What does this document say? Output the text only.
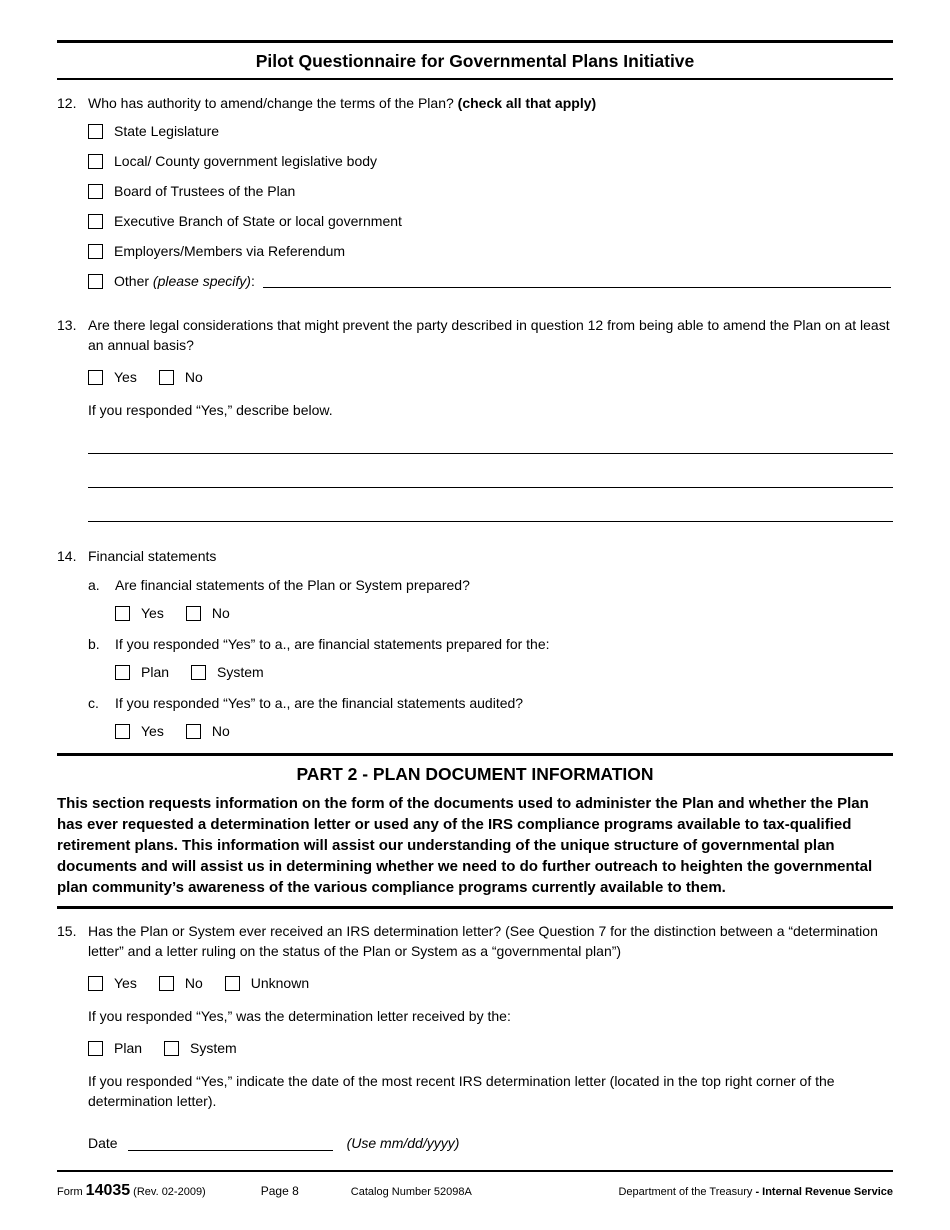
Pilot Questionnaire for Governmental Plans Initiative
12. Who has authority to amend/change the terms of the Plan? (check all that apply)
State Legislature
Local/ County government legislative body
Board of Trustees of the Plan
Executive Branch of State or local government
Employers/Members via Referendum
Other (please specify):
13. Are there legal considerations that might prevent the party described in question 12 from being able to amend the Plan on at least an annual basis?
Yes	No
If you responded “Yes,” describe below.
14. Financial statements
a.	Are financial statements of the Plan or System prepared?
Yes	No
b.	If you responded “Yes” to a., are financial statements prepared for the:
Plan	System
c.	If you responded “Yes” to a., are the financial statements audited?
Yes	No
PART 2 - PLAN DOCUMENT INFORMATION
This section requests information on the form of the documents used to administer the Plan and whether the Plan has ever requested a determination letter or used any of the IRS compliance programs available to tax-qualified retirement plans. This information will assist our understanding of the unique structure of governmental plan documents and will assist us in determining whether we need to do further outreach to heighten the governmental plan community’s awareness of the various compliance programs currently available to them.
15. Has the Plan or System ever received an IRS determination letter? (See Question 7 for the distinction between a “determination letter” and a letter ruling on the status of the Plan or System as a “governmental plan”)
Yes	No	Unknown
If you responded “Yes,” was the determination letter received by the:
Plan	System
If you responded “Yes,” indicate the date of the most recent IRS determination letter (located in the top right corner of the determination letter).
Date	(Use mm/dd/yyyy)
Form 14035 (Rev. 02-2009)	Page 8	Catalog Number 52098A	Department of the Treasury - Internal Revenue Service
